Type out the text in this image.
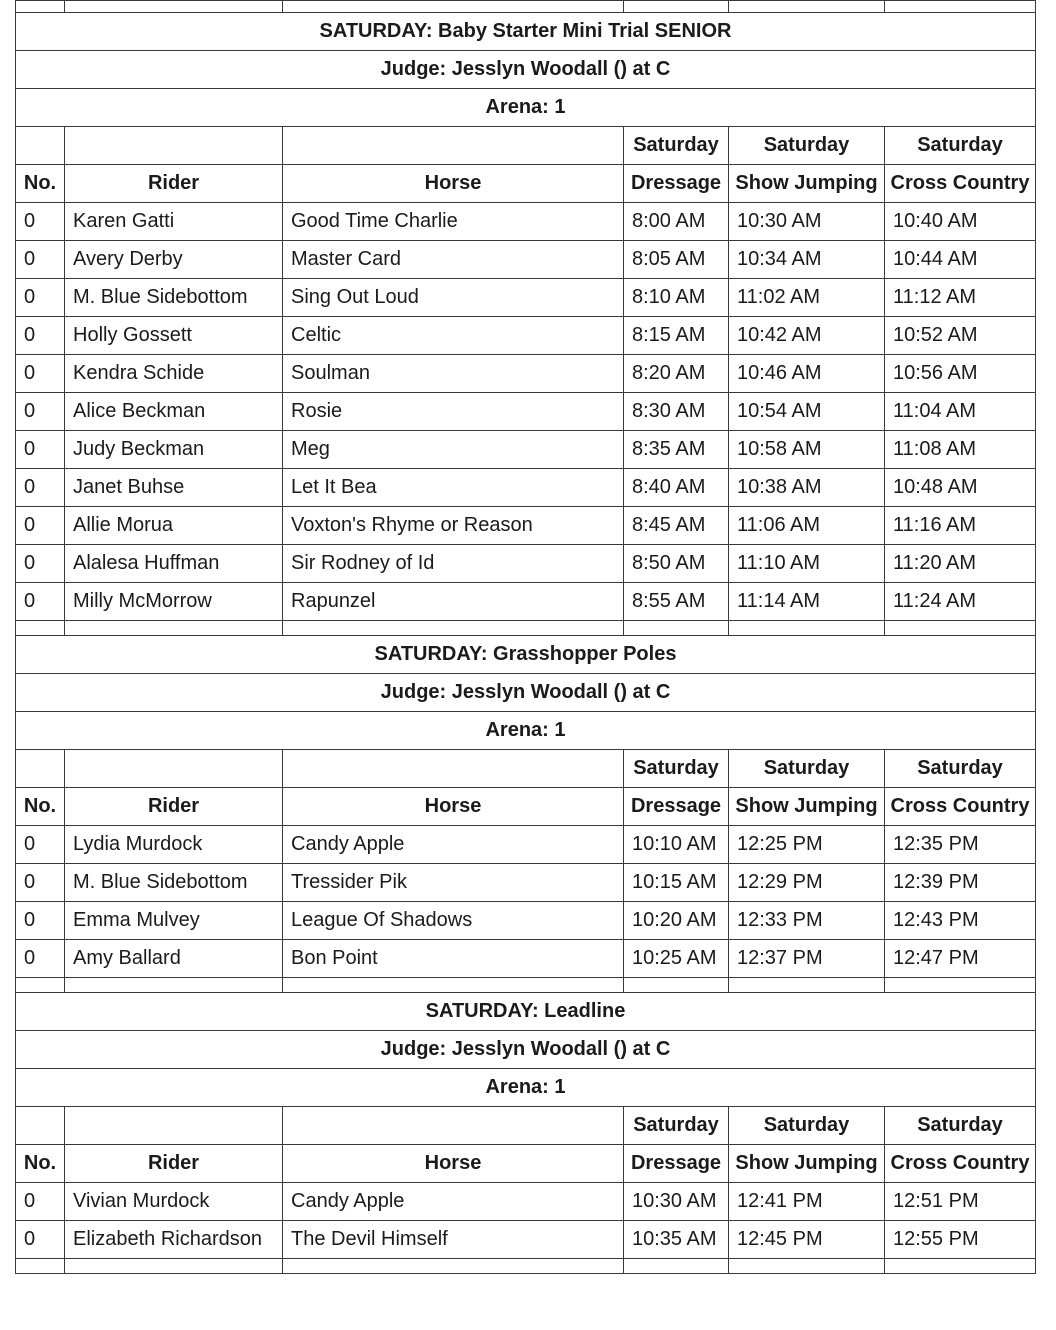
SATURDAY: Baby Starter Mini Trial SENIOR					
Judge: Jesslyn Woodall () at C					
Arena: 1					
			Saturday	Saturday	Saturday
No.	Rider	Horse	Dressage	Show Jumping	Cross Country
0	Karen Gatti	Good Time Charlie	8:00 AM	10:30 AM	10:40 AM
0	Avery Derby	Master Card	8:05 AM	10:34 AM	10:44 AM
0	M. Blue Sidebottom	Sing Out Loud	8:10 AM	11:02 AM	11:12 AM
0	Holly Gossett	Celtic	8:15 AM	10:42 AM	10:52 AM
0	Kendra Schide	Soulman	8:20 AM	10:46 AM	10:56 AM
0	Alice Beckman	Rosie	8:30 AM	10:54 AM	11:04 AM
0	Judy Beckman	Meg	8:35 AM	10:58 AM	11:08 AM
0	Janet Buhse	Let It Bea	8:40 AM	10:38 AM	10:48 AM
0	Allie Morua	Voxton's Rhyme or Reason	8:45 AM	11:06 AM	11:16 AM
0	Alalesa Huffman	Sir Rodney of Id	8:50 AM	11:10 AM	11:20 AM
0	Milly McMorrow	Rapunzel	8:55 AM	11:14 AM	11:24 AM

SATURDAY: Grasshopper Poles					
Judge: Jesslyn Woodall () at C					
Arena: 1					
			Saturday	Saturday	Saturday
No.	Rider	Horse	Dressage	Show Jumping	Cross Country
0	Lydia Murdock	Candy Apple	10:10 AM	12:25 PM	12:35 PM
0	M. Blue Sidebottom	Tressider Pik	10:15 AM	12:29 PM	12:39 PM
0	Emma Mulvey	League Of Shadows	10:20 AM	12:33 PM	12:43 PM
0	Amy Ballard	Bon Point	10:25 AM	12:37 PM	12:47 PM

SATURDAY: Leadline					
Judge: Jesslyn Woodall () at C					
Arena: 1					
			Saturday	Saturday	Saturday
No.	Rider	Horse	Dressage	Show Jumping	Cross Country
0	Vivian Murdock	Candy Apple	10:30 AM	12:41 PM	12:51 PM
0	Elizabeth Richardson	The Devil Himself	10:35 AM	12:45 PM	12:55 PM
